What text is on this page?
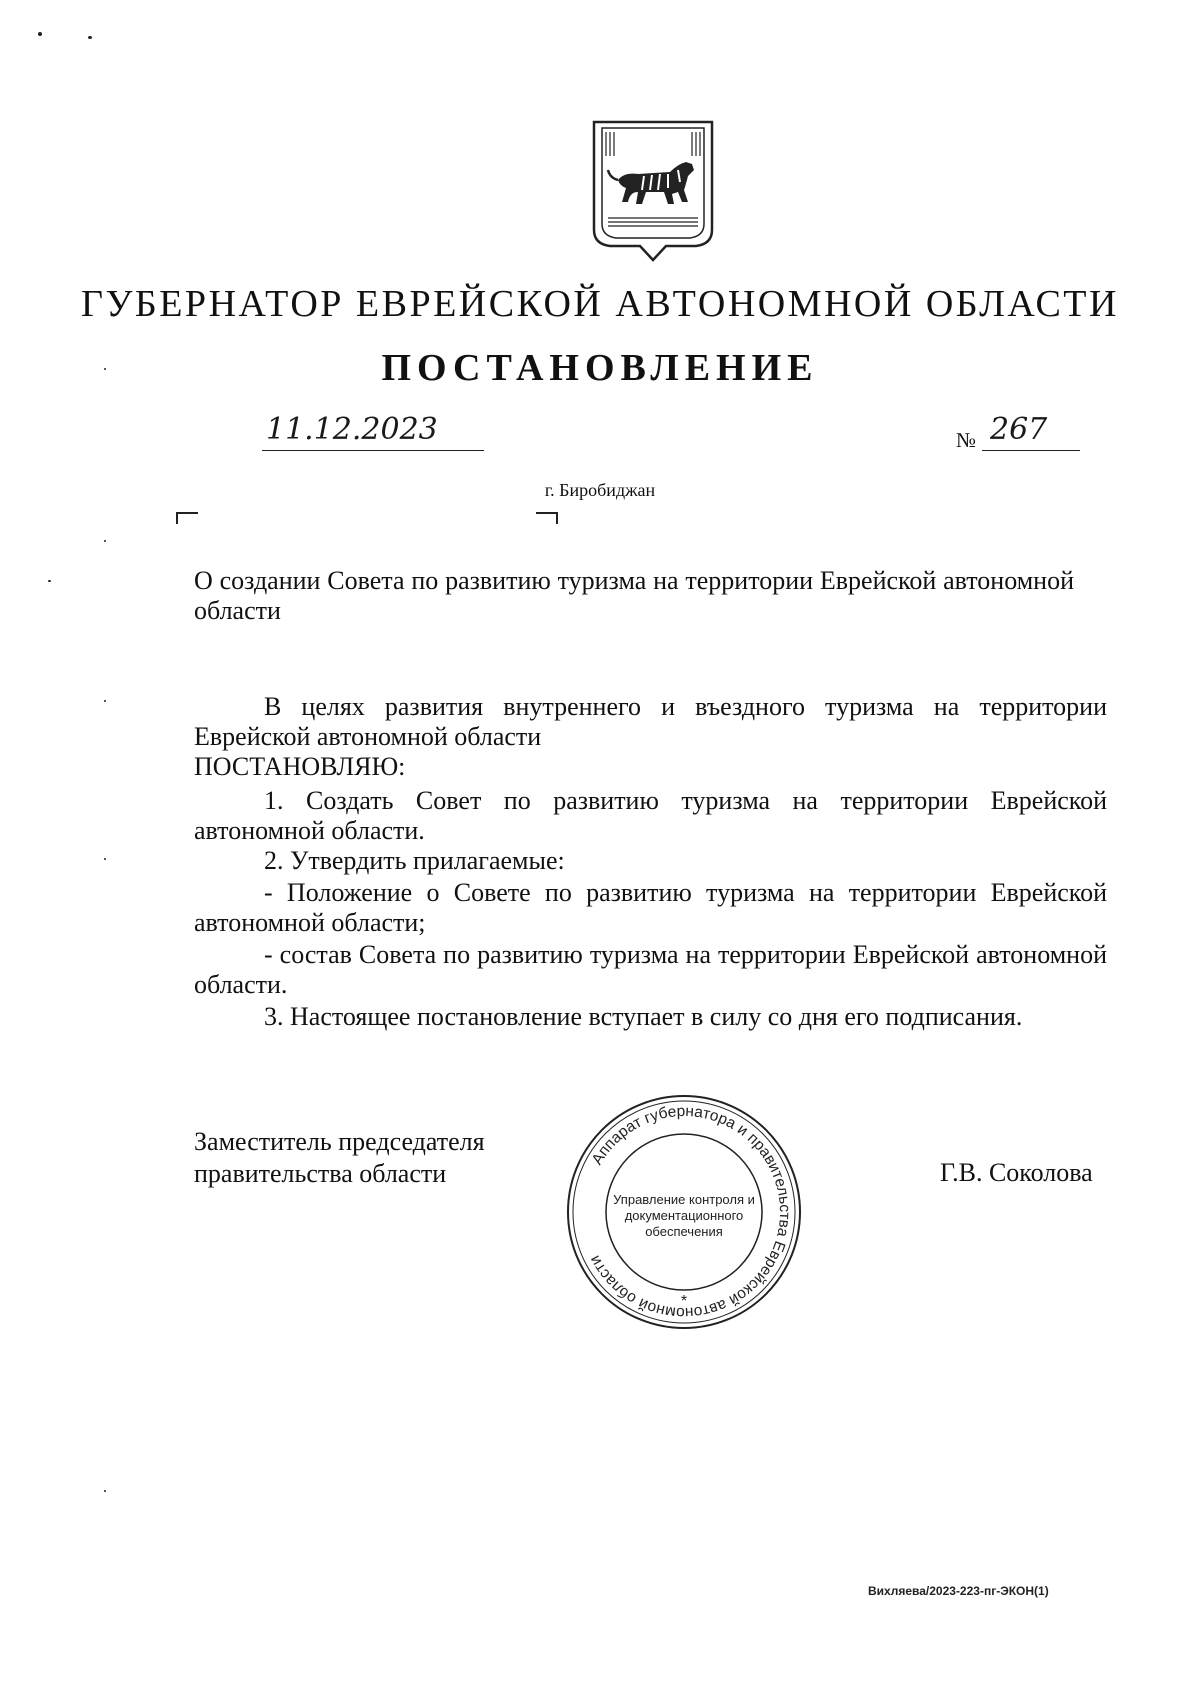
ГУБЕРНАТОР ЕВРЕЙСКОЙ АВТОНОМНОЙ ОБЛАСТИ
ПОСТАНОВЛЕНИЕ
11.12.2023	№ 267
г. Биробиджан
О создании Совета по развитию туризма на территории Еврейской автономной области
В целях развития внутреннего и въездного туризма на территории Еврейской автономной области
ПОСТАНОВЛЯЮ:
1. Создать Совет по развитию туризма на территории Еврейской автономной области.
2. Утвердить прилагаемые:
- Положение о Совете по развитию туризма на территории Еврейской автономной области;
- состав Совета по развитию туризма на территории Еврейской автономной области.
3. Настоящее постановление вступает в силу со дня его подписания.
Заместитель председателя
правительства области	Г.В. Соколова
Аппарат губернатора и правительства Еврейской автономной области
Управление контроля и
документационного
обеспечения
*
Вихляева/2023-223-пг-ЭКОН(1)
